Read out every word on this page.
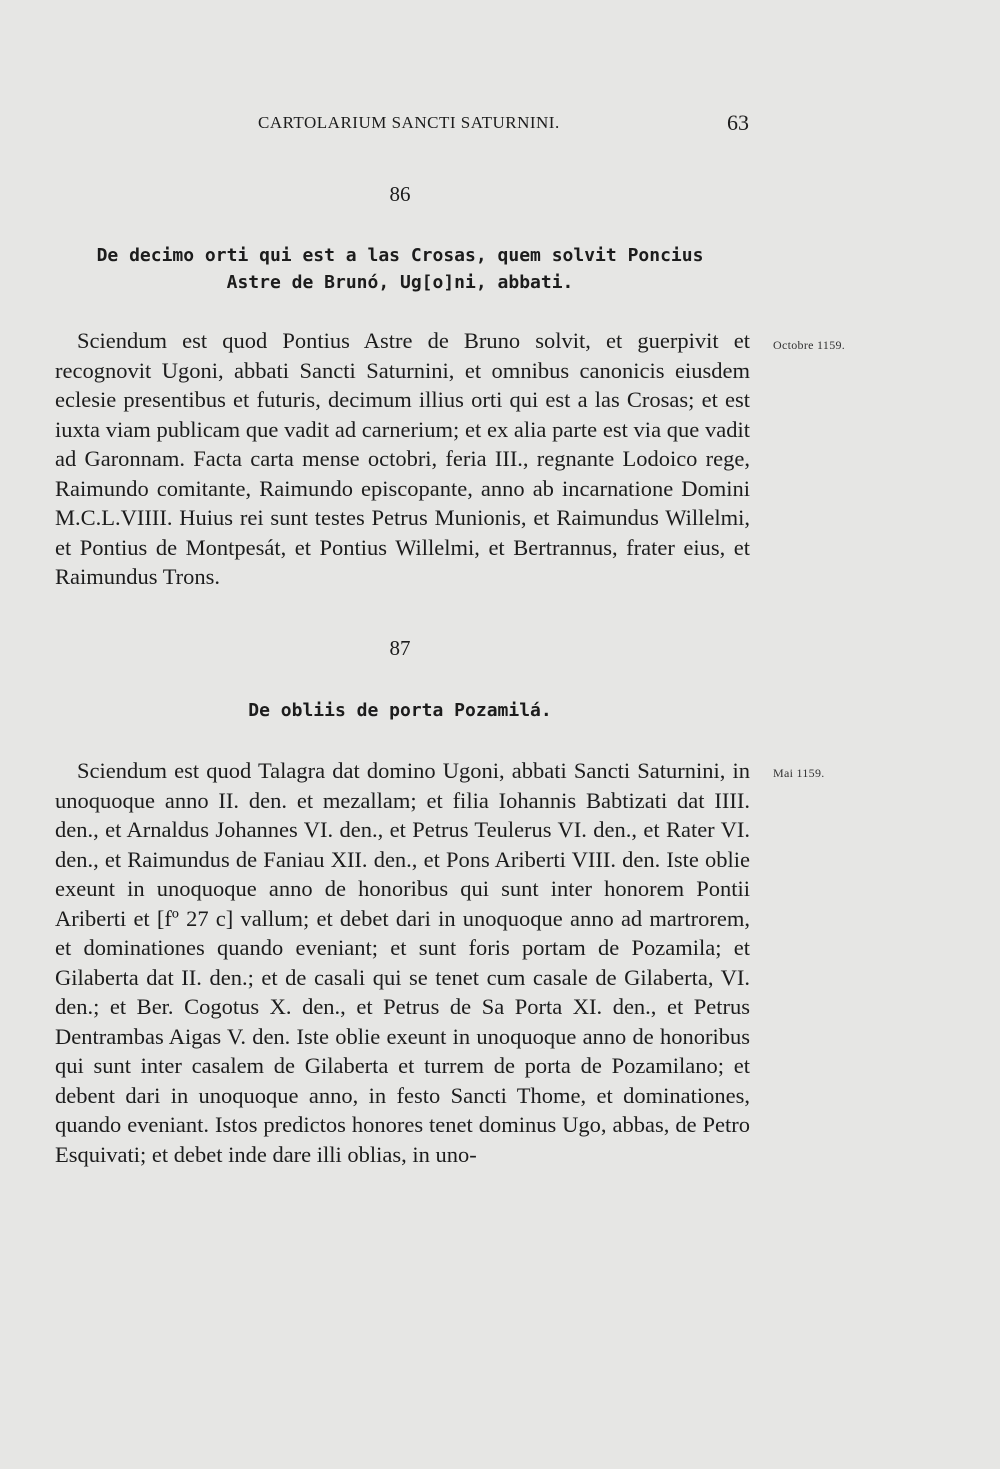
CARTOLARIUM SANCTI SATURNINI.	63
86
De decimo orti qui est a las Crosas, quem solvit Poncius Astre de Brunó, Ug[o]ni, abbati.
Octobre 1159.

Sciendum est quod Pontius Astre de Bruno solvit, et guerpivit et recognovit Ugoni, abbati Sancti Saturnini, et omnibus canonicis eiusdem eclesie presentibus et futuris, decimum illius orti qui est a las Crosas; et est iuxta viam publicam que vadit ad carnerium; et ex alia parte est via que vadit ad Garonnam. Facta carta mense octobri, feria III., regnante Lodoico rege, Raimundo comitante, Raimundo episcopante, anno ab incarnatione Domini M.C.L.VIIII. Huius rei sunt testes Petrus Munionis, et Raimundus Willelmi, et Pontius de Montpesát, et Pontius Willelmi, et Bertrannus, frater eius, et Raimundus Trons.

87
De obliis de porta Pozamilá.
Mai 1159.

Sciendum est quod Talagra dat domino Ugoni, abbati Sancti Saturnini, in unoquoque anno II. den. et mezallam; et filia Iohannis Babtizati dat IIII. den., et Arnaldus Johannes VI. den., et Petrus Teulerus VI. den., et Rater VI. den., et Raimundus de Faniau XII. den., et Pons Ariberti VIII. den. Iste oblie exeunt in unoquoque anno de honoribus qui sunt inter honorem Pontii Ariberti et [fº 27 c] vallum; et debet dari in unoquoque anno ad martrorem, et dominationes quando eveniant; et sunt foris portam de Pozamila; et Gilaberta dat II. den.; et de casali qui se tenet cum casale de Gilaberta, VI. den.; et Ber. Cogotus X. den., et Petrus de Sa Porta XI. den., et Petrus Dentrambas Aigas V. den. Iste oblie exeunt in unoquoque anno de honoribus qui sunt inter casalem de Gilaberta et turrem de porta de Pozamilano; et debent dari in unoquoque anno, in festo Sancti Thome, et dominationes, quando eveniant. Istos predictos honores tenet dominus Ugo, abbas, de Petro Esquivati; et debet inde dare illi oblias, in uno-
